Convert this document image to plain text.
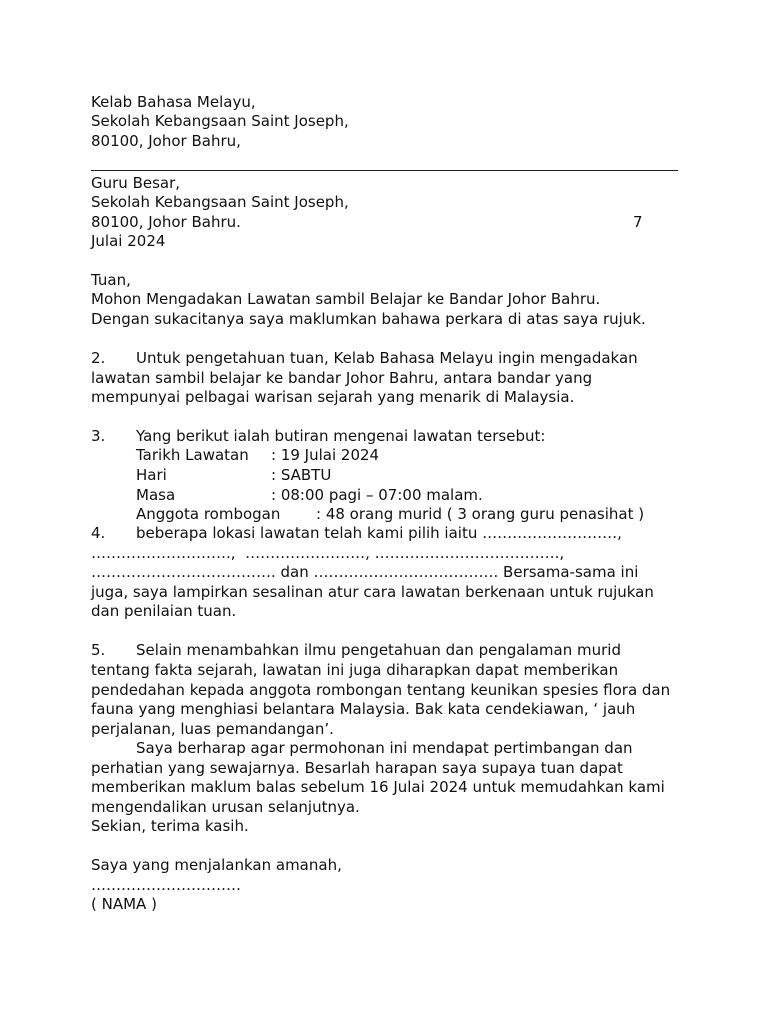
Kelab Bahasa Melayu,
Sekolah Kebangsaan Saint Joseph,
80100, Johor Bahru,
Guru Besar,
Sekolah Kebangsaan Saint Joseph,
80100, Johor Bahru.	7
Julai 2024
Tuan,
Mohon Mengadakan Lawatan sambil Belajar ke Bandar Johor Bahru.
Dengan sukacitanya saya maklumkan bahawa perkara di atas saya rujuk.
2. Untuk pengetahuan tuan, Kelab Bahasa Melayu ingin mengadakan
lawatan sambil belajar ke bandar Johor Bahru, antara bandar yang
mempunyai pelbagai warisan sejarah yang menarik di Malaysia.
3. Yang berikut ialah butiran mengenai lawatan tersebut:
Tarikh Lawatan : 19 Julai 2024
Hari	: SABTU
Masa	: 08:00 pagi – 07:00 malam.
Anggota rombogan : 48 orang murid ( 3 orang guru penasihat )
4. beberapa lokasi lawatan telah kami pilih iaitu ………………………,
……………………….,  ……………………, ……………………………….,
………………………………. dan ………………………………. Bersama-sama ini
juga, saya lampirkan sesalinan atur cara lawatan berkenaan untuk rujukan
dan penilaian tuan.
5. Selain menambahkan ilmu pengetahuan dan pengalaman murid
tentang fakta sejarah, lawatan ini juga diharapkan dapat memberikan
pendedahan kepada anggota rombongan tentang keunikan spesies flora dan
fauna yang menghiasi belantara Malaysia. Bak kata cendekiawan, ‘ jauh
perjalanan, luas pemandangan’.
Saya berharap agar permohonan ini mendapat pertimbangan dan
perhatian yang sewajarnya. Besarlah harapan saya supaya tuan dapat
memberikan maklum balas sebelum 16 Julai 2024 untuk memudahkan kami
mengendalikan urusan selanjutnya.
Sekian, terima kasih.
Saya yang menjalankan amanah,
…………………………
( NAMA )
